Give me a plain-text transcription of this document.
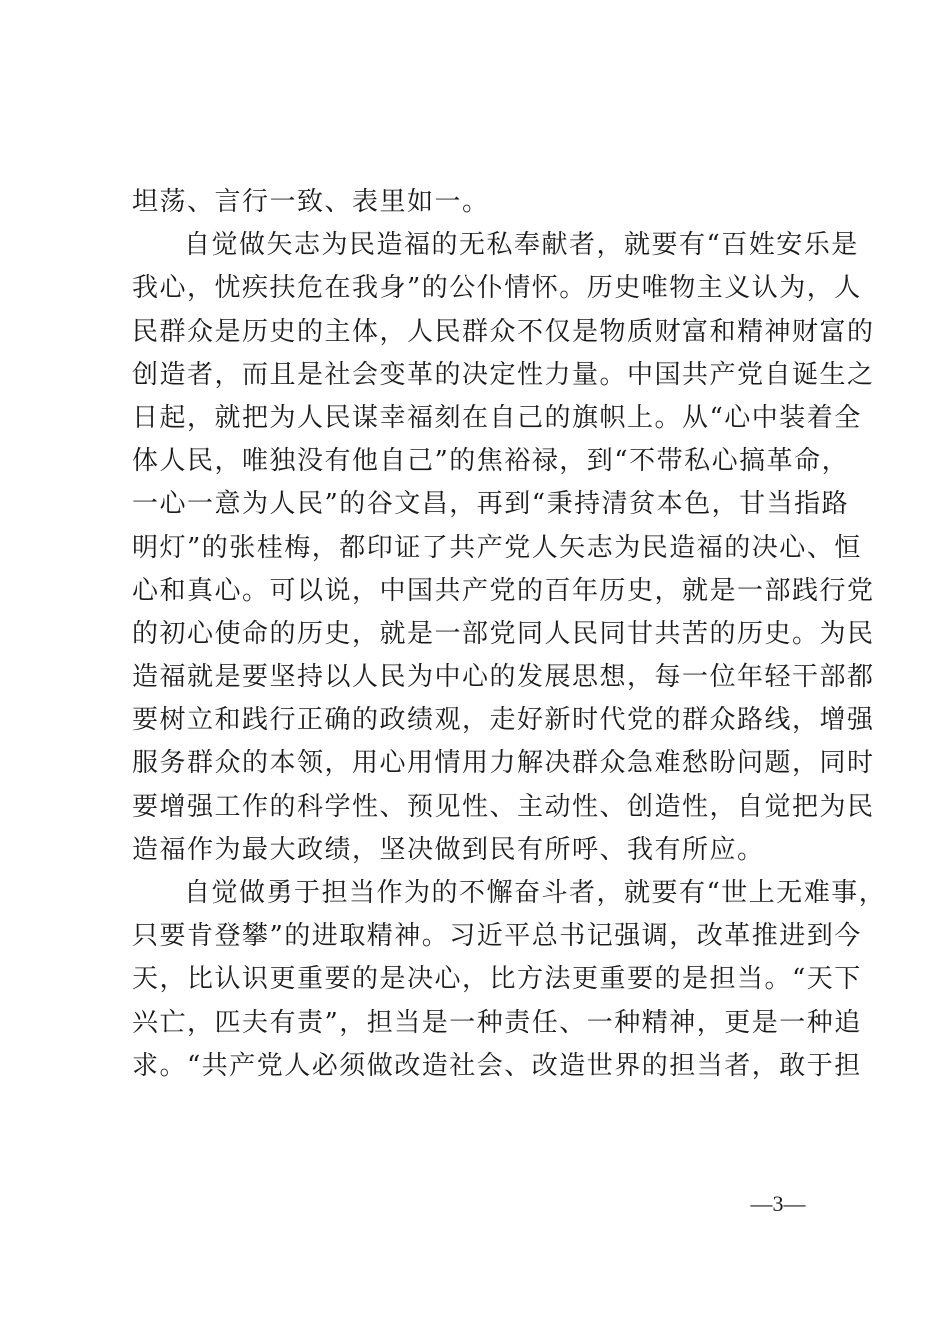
坦荡、言行一致、表里如一。
自觉做矢志为民造福的无私奉献者，就要有“百姓安乐是
我心，忧疾扶危在我身”的公仆情怀。历史唯物主义认为，人
民群众是历史的主体，人民群众不仅是物质财富和精神财富的
创造者，而且是社会变革的决定性力量。中国共产党自诞生之
日起，就把为人民谋幸福刻在自己的旗帜上。从“心中装着全
体人民，唯独没有他自己”的焦裕禄，到“不带私心搞革命，
一心一意为人民”的谷文昌，再到“秉持清贫本色，甘当指路
明灯”的张桂梅，都印证了共产党人矢志为民造福的决心、恒
心和真心。可以说，中国共产党的百年历史，就是一部践行党
的初心使命的历史，就是一部党同人民同甘共苦的历史。为民
造福就是要坚持以人民为中心的发展思想，每一位年轻干部都
要树立和践行正确的政绩观，走好新时代党的群众路线，增强
服务群众的本领，用心用情用力解决群众急难愁盼问题，同时
要增强工作的科学性、预见性、主动性、创造性，自觉把为民
造福作为最大政绩，坚决做到民有所呼、我有所应。
自觉做勇于担当作为的不懈奋斗者，就要有“世上无难事，
只要肯登攀”的进取精神。习近平总书记强调，改革推进到今
天，比认识更重要的是决心，比方法更重要的是担当。“天下
兴亡，匹夫有责”，担当是一种责任、一种精神，更是一种追
求。“共产党人必须做改造社会、改造世界的担当者，敢于担
—3—
